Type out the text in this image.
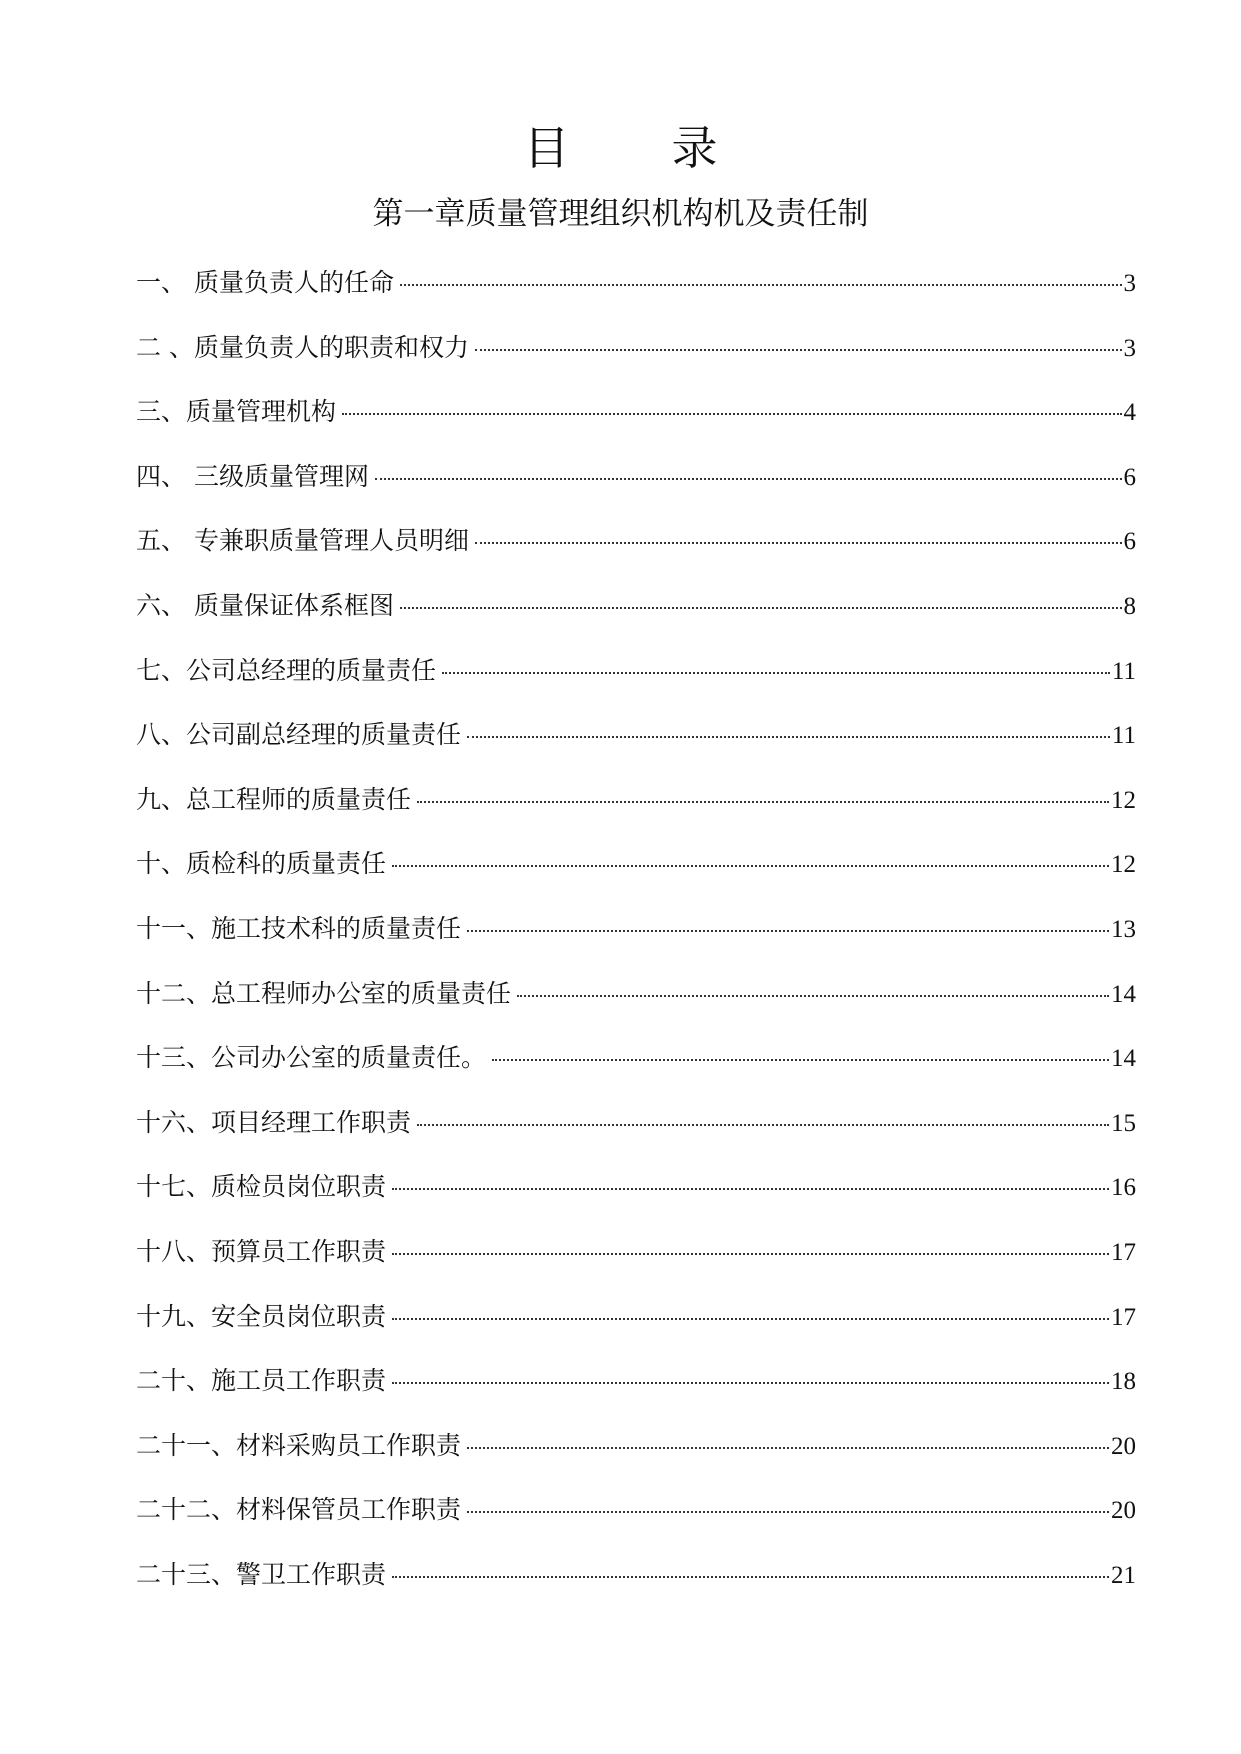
目 录
第一章质量管理组织机构机及责任制
一、 质量负责人的任命	3
二 、质量负责人的职责和权力	3
三、质量管理机构	4
四、 三级质量管理网	6
五、 专兼职质量管理人员明细	6
六、 质量保证体系框图	8
七、公司总经理的质量责任	11
八、公司副总经理的质量责任	11
九、总工程师的质量责任	12
十、质检科的质量责任	12
十一、施工技术科的质量责任	13
十二、总工程师办公室的质量责任	14
十三、公司办公室的质量责任。	14
十六、项目经理工作职责	15
十七、质检员岗位职责	16
十八、预算员工作职责	17
十九、安全员岗位职责	17
二十、施工员工作职责	18
二十一、材料采购员工作职责	20
二十二、材料保管员工作职责	20
二十三、警卫工作职责	21
